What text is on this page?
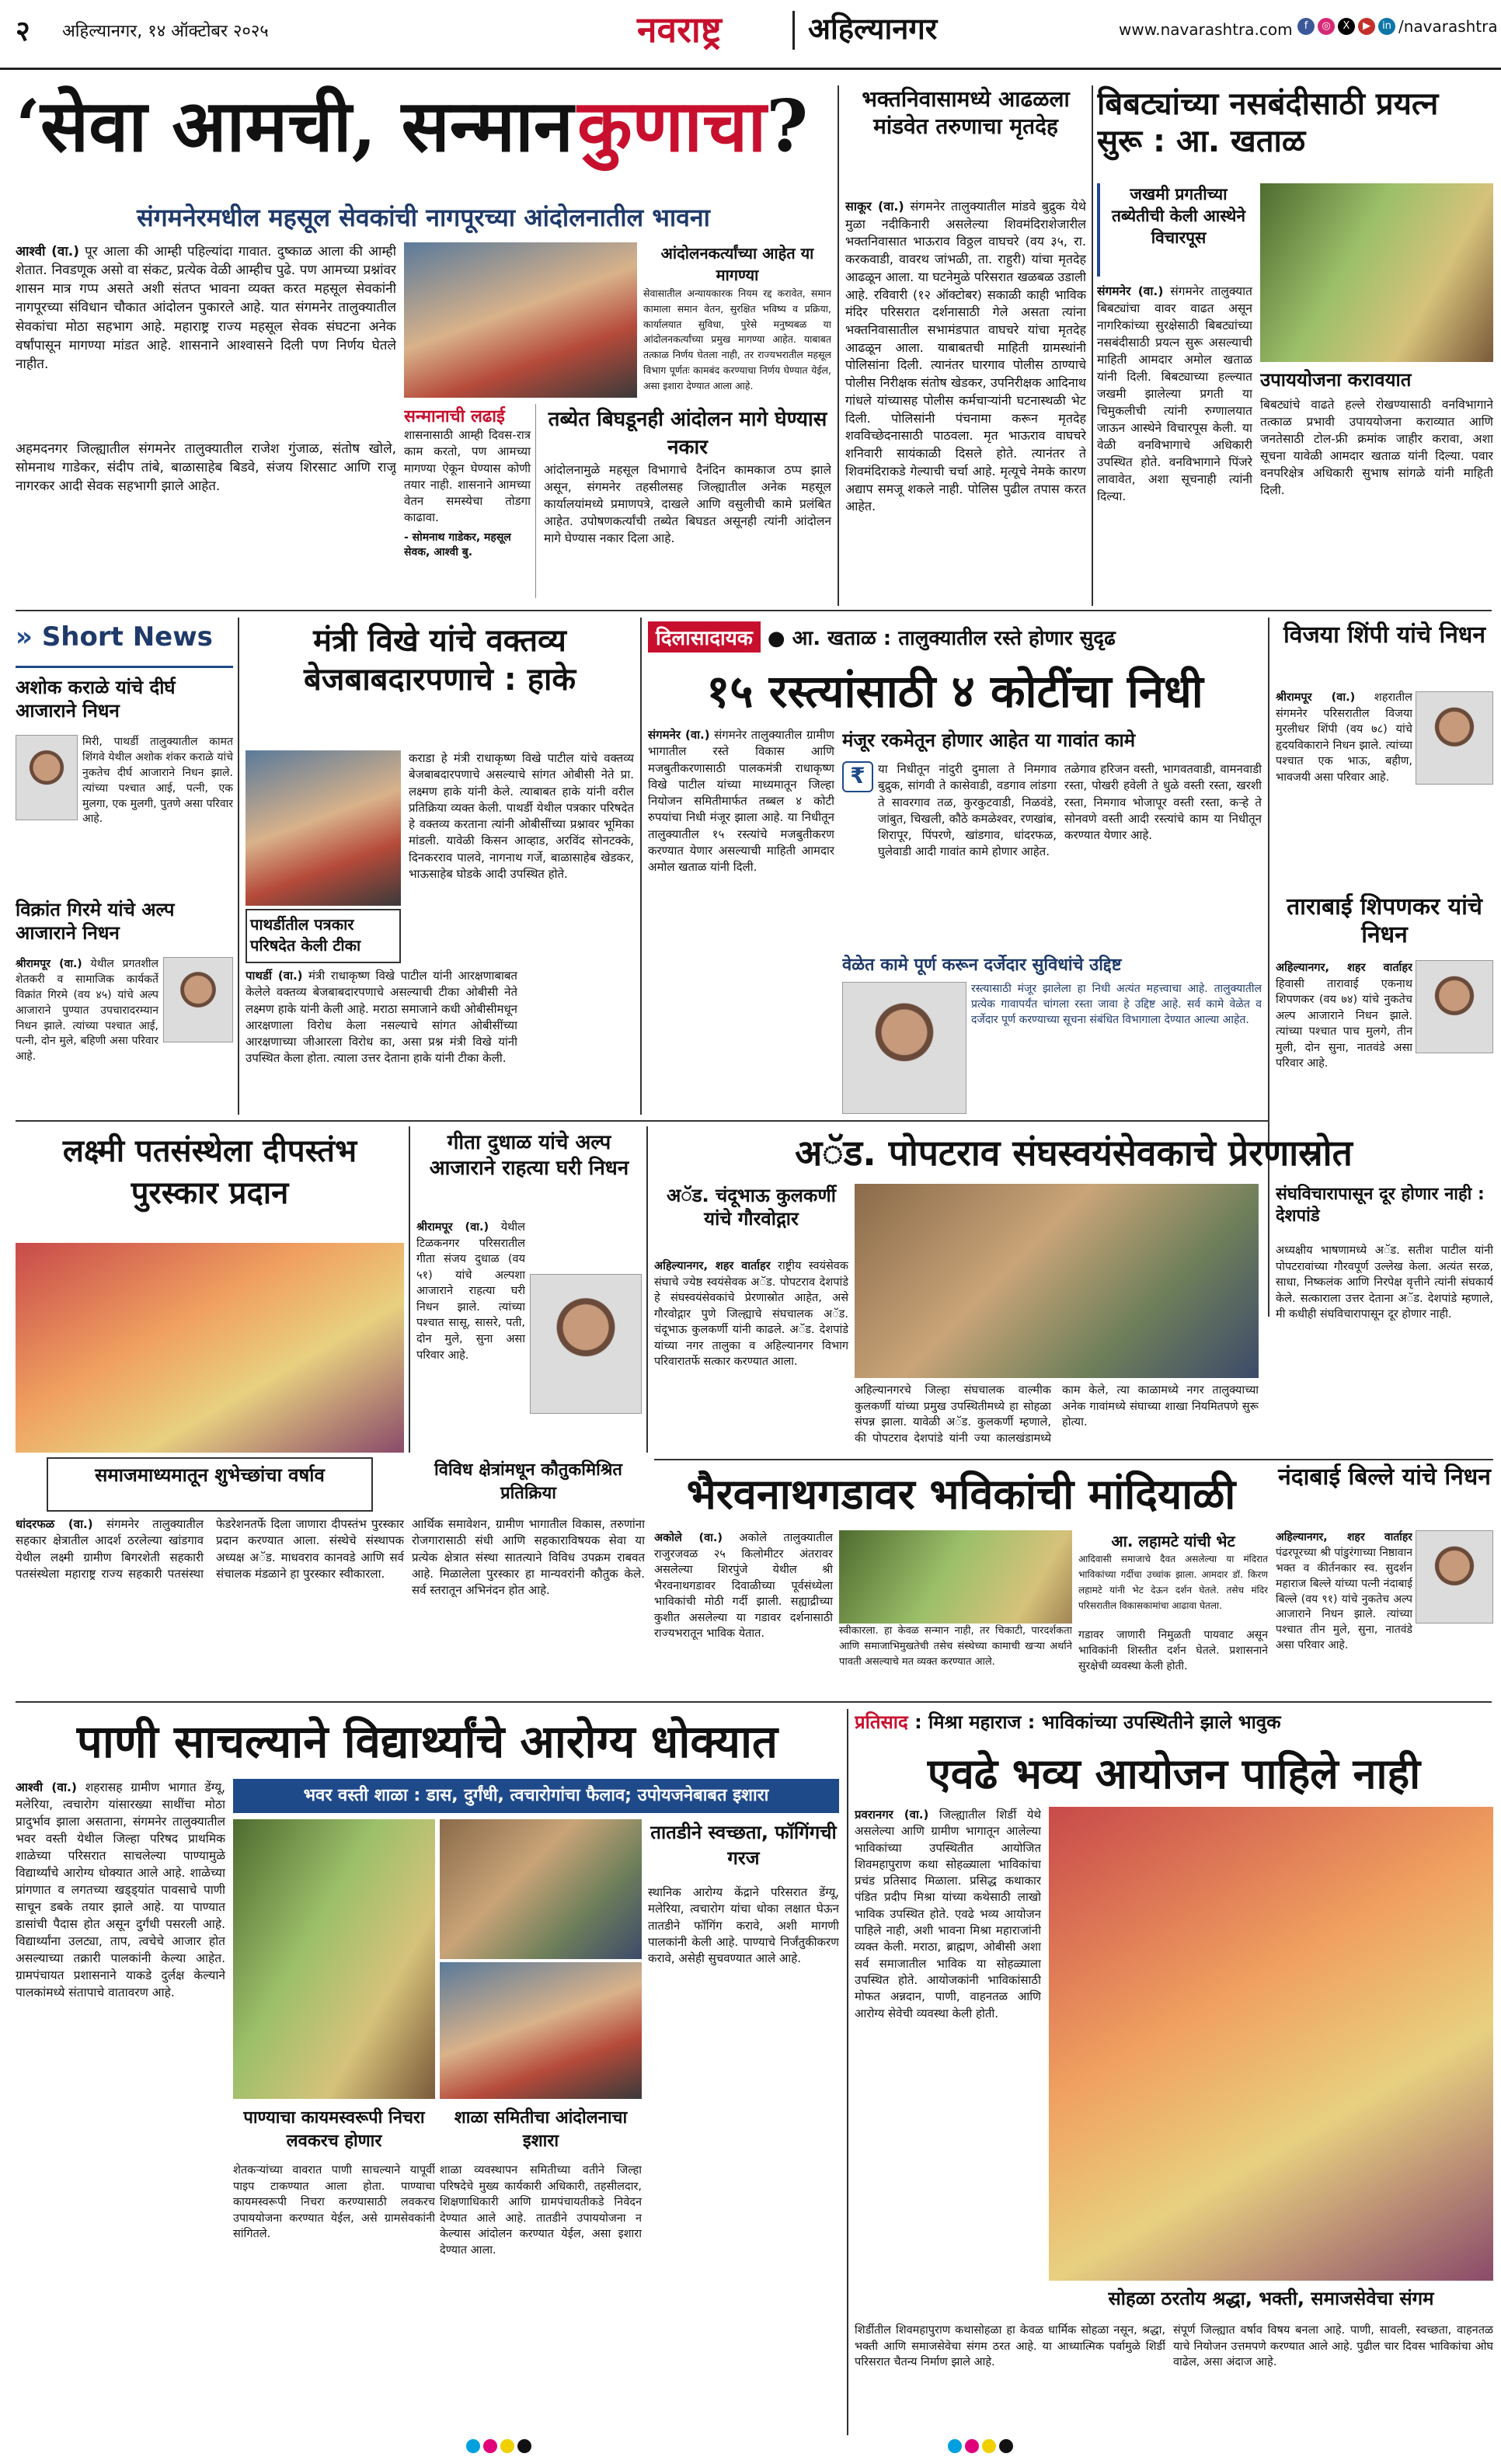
२ अहिल्यानगर, १४ ऑक्टोबर २०२५	नवराष्ट्र	अहिल्यानगर	www.navarashtra.com	f	◎	X	▶	in /navarashtra
‘सेवा आमची, सन्मान कुणाचा?
संगमनेरमधील महसूल सेवकांची नागपूरच्या आंदोलनातील भावना
आश्वी (वा.) पूर आला की आम्ही पहिल्यांदा गावात. दुष्काळ आला की आम्ही शेतात. निवडणूक असो वा संकट, प्रत्येक वेळी आम्हीच पुढे. पण आमच्या प्रश्नांवर शासन मात्र गप्प असते अशी संतप्त भावना व्यक्त करत महसूल सेवकांनी नागपूरच्या संविधान चौकात आंदोलन पुकारले आहे. यात संगमनेर तालुक्यातील सेवकांचा मोठा सहभाग आहे. महाराष्ट्र राज्य महसूल सेवक संघटना अनेक वर्षांपासून मागण्या मांडत आहे. शासनाने आश्वासने दिली पण निर्णय घेतले नाहीत.
अहमदनगर जिल्ह्यातील संगमनेर तालुक्यातील राजेश गुंजाळ, संतोष खोले, सोमनाथ गाडेकर, संदीप तांबे, बाळासाहेब बिडवे, संजय शिरसाट आणि राजू नागरकर आदी सेवक सहभागी झाले आहेत.
सन्मानाची लढाई
शासनासाठी आम्ही दिवस-रात्र काम करतो, पण आमच्या मागण्या ऐकून घेण्यास कोणी तयार नाही. शासनाने आमच्या वेतन समस्येचा तोडगा काढावा.
- सोमनाथ गाडेकर, महसूल सेवक, आश्वी बु.
तब्येत बिघडूनही आंदोलन मागे घेण्यास नकार
आंदोलनामुळे महसूल विभागाचे दैनंदिन कामकाज ठप्प झाले असून, संगमनेर तहसीलसह जिल्ह्यातील अनेक महसूल कार्यालयांमध्ये प्रमाणपत्रे, दाखले आणि वसुलीची कामे प्रलंबित आहेत. उपोषणकर्त्यांची तब्येत बिघडत असूनही त्यांनी आंदोलन मागे घेण्यास नकार दिला आहे.
भक्तनिवासामध्ये आढळला मांडवेत तरुणाचा मृतदेह
साकूर (वा.) संगमनेर तालुक्यातील मांडवे बुद्रुक येथे मुळा नदीकिनारी असलेल्या शिवमंदिराशेजारील भक्तनिवासात भाऊराव विठ्ठल वाघचरे (वय ३५, रा. करकवाडी, वावरथ जांभळी, ता. राहुरी) यांचा मृतदेह आढळून आला. या घटनेमुळे परिसरात खळबळ उडाली आहे. रविवारी (१२ ऑक्टोबर) सकाळी काही भाविक मंदिर परिसरात दर्शनासाठी गेले असता त्यांना भक्तनिवासातील सभामंडपात वाघचरे यांचा मृतदेह आढळून आला. याबाबतची माहिती ग्रामस्थांनी पोलिसांना दिली. त्यानंतर घारगाव पोलीस ठाण्याचे पोलीस निरीक्षक संतोष खेडकर, उपनिरीक्षक आदिनाथ गांधले यांच्यासह पोलीस कर्मचाऱ्यांनी घटनास्थळी भेट दिली. पोलिसांनी पंचनामा करून मृतदेह शवविच्छेदनासाठी पाठवला. मृत भाऊराव वाघचरे शनिवारी सायंकाळी दिसले होते. त्यानंतर ते शिवमंदिराकडे गेल्याची चर्चा आहे. मृत्यूचे नेमके कारण अद्याप समजू शकले नाही. पोलिस पुढील तपास करत आहेत.
बिबट्यांच्या नसबंदीसाठी प्रयत्न सुरू : आ. खताळ
जखमी प्रगतीच्या तब्येतीची केली आस्थेने विचारपूस
संगमनेर (वा.) संगमनेर तालुक्यात बिबट्यांचा वावर वाढत असून नागरिकांच्या सुरक्षेसाठी बिबट्यांच्या नसबंदीसाठी प्रयत्न सुरू असल्याची माहिती आमदार अमोल खताळ यांनी दिली. बिबट्याच्या हल्ल्यात जखमी झालेल्या प्रगती या चिमुकलीची त्यांनी रुग्णालयात जाऊन आस्थेने विचारपूस केली. या वेळी वनविभागाचे अधिकारी उपस्थित होते. वनविभागाने पिंजरे लावावेत, अशा सूचनाही त्यांनी दिल्या.
उपाययोजना करावयात
बिबट्यांचे वाढते हल्ले रोखण्यासाठी वनविभागाने तत्काळ प्रभावी उपाययोजना कराव्यात आणि जनतेसाठी टोल-फ्री क्रमांक जाहीर करावा, अशा सूचना यावेळी आमदार खताळ यांनी दिल्या. पवार वनपरिक्षेत्र अधिकारी सुभाष सांगळे यांनी माहिती दिली.
» Short News
अशोक कराळे यांचे दीर्घ आजाराने निधन
मिरी, पाथर्डी तालुक्यातील कामत शिंगवे येथील अशोक शंकर कराळे यांचे नुकतेच दीर्घ आजाराने निधन झाले. त्यांच्या पश्चात आई, पत्नी, एक मुलगा, एक मुलगी, पुतणे असा परिवार आहे.
विक्रांत गिरमे यांचे अल्प आजाराने निधन
श्रीरामपूर (वा.) येथील प्रगतशील शेतकरी व सामाजिक कार्यकर्ते विक्रांत गिरमे (वय ४५) यांचे अल्प आजाराने पुण्यात उपचारादरम्यान निधन झाले. त्यांच्या पश्चात आई, पत्नी, दोन मुले, बहिणी असा परिवार आहे.
मंत्री विखे यांचे वक्तव्य बेजबाबदारपणाचे : हाके
पाथर्डीतील पत्रकार परिषदेत केली टीका
पाथर्डी (वा.) मंत्री राधाकृष्ण विखे पाटील यांनी आरक्षणाबाबत केलेले वक्तव्य बेजबाबदारपणाचे असल्याची टीका ओबीसी नेते लक्ष्मण हाके यांनी केली आहे. मराठा समाजाने कधी ओबीसीमधून आरक्षणाला विरोध केला नसल्याचे सांगत ओबीसींच्या आरक्षणाच्या जीआरला विरोध का, असा प्रश्न मंत्री विखे यांनी उपस्थित केला होता. त्याला उत्तर देताना हाके यांनी टीका केली.
कराडा हे मंत्री राधाकृष्ण विखे पाटील यांचे वक्तव्य बेजबाबदारपणाचे असल्याचे सांगत ओबीसी नेते प्रा. लक्ष्मण हाके यांनी केले. त्याबाबत हाके यांनी वरील प्रतिक्रिया व्यक्त केली. पाथर्डी येथील पत्रकार परिषदेत हे वक्तव्य करताना त्यांनी ओबीसींच्या प्रश्नावर भूमिका मांडली. यावेळी किसन आव्हाड, अरविंद सोनटक्के, दिनकरराव पालवे, नागनाथ गर्जे, बाळासाहेब खेडकर, भाऊसाहेब घोडके आदी उपस्थित होते.
दिलासादायक ● आ. खताळ : तालुक्यातील रस्ते होणार सुदृढ
१५ रस्त्यांसाठी ४ कोटींचा निधी
संगमनेर (वा.) संगमनेर तालुक्यातील ग्रामीण भागातील रस्ते विकास आणि मजबुतीकरणासाठी पालकमंत्री राधाकृष्ण विखे पाटील यांच्या माध्यमातून जिल्हा नियोजन समितीमार्फत तब्बल ४ कोटी रुपयांचा निधी मंजूर झाला आहे. या निधीतून तालुक्यातील १५ रस्त्यांचे मजबुतीकरण करण्यात येणार असल्याची माहिती आमदार अमोल खताळ यांनी दिली.
मंजूर रकमेतून होणार आहेत या गावांत कामे
₹	या निधीतून नांदुरी दुमाला ते निमगाव बुद्रुक, सांगवी ते कासेवाडी, वडगाव लांडगा ते सावरगाव तळ, कुरकुटवाडी, निळवंडे, जांबुत, चिखली, कौठे कमळेश्वर, रणखांब, शिरापूर, पिंपरणे, खांडगाव, धांदरफळ, घुलेवाडी आदी गावांत कामे होणार आहेत.
तळेगाव हरिजन वस्ती, भागवतवाडी, वामनवाडी रस्ता, पोखरी हवेली ते धुळे वस्ती रस्ता, खरशी रस्ता, निमगाव भोजापूर वस्ती रस्ता, कऱ्हे ते सोनवणे वस्ती आदी रस्त्यांचे काम या निधीतून करण्यात येणार आहे.
वेळेत कामे पूर्ण करून दर्जेदार सुविधांचे उद्दिष्ट
रस्त्यासाठी मंजूर झालेला हा निधी अत्यंत महत्त्वाचा आहे. तालुक्यातील प्रत्येक गावापर्यंत चांगला रस्ता जावा हे उद्दिष्ट आहे. सर्व कामे वेळेत व दर्जेदार पूर्ण करण्याच्या सूचना संबंधित विभागाला देण्यात आल्या आहेत.
विजया शिंपी यांचे निधन
श्रीरामपूर (वा.) शहरातील संगमनेर परिसरातील विजया मुरलीधर शिंपी (वय ७८) यांचे हृदयविकाराने निधन झाले. त्यांच्या पश्चात एक भाऊ, बहीण, भावजयी असा परिवार आहे.
ताराबाई शिपणकर यांचे निधन
अहिल्यानगर, शहर वार्ताहर हिवासी तारावाई एकनाथ शिपणकर (वय ७४) यांचे नुकतेच अल्प आजाराने निधन झाले. त्यांच्या पश्चात पाच मुलगे, तीन मुली, दोन सुना, नातवंडे असा परिवार आहे.
लक्ष्मी पतसंस्थेला दीपस्तंभ पुरस्कार प्रदान
समाजमाध्यमातून शुभेच्छांचा वर्षाव
धांदरफळ (वा.) संगमनेर तालुक्यातील सहकार क्षेत्रातील आदर्श ठरलेल्या खांडगाव येथील लक्ष्मी ग्रामीण बिगरशेती सहकारी पतसंस्थेला महाराष्ट्र राज्य सहकारी पतसंस्था फेडरेशनतर्फे दिला जाणारा दीपस्तंभ पुरस्कार प्रदान करण्यात आला. संस्थेचे संस्थापक अध्यक्ष अॅड. माधवराव कानवडे आणि सर्व संचालक मंडळाने हा पुरस्कार स्वीकारला.
विविध क्षेत्रांमधून कौतुकमिश्रित प्रतिक्रिया
आर्थिक समावेशन, ग्रामीण भागातील विकास, तरुणांना रोजगारासाठी संधी आणि सहकाराविषयक सेवा या प्रत्येक क्षेत्रात संस्था सातत्याने विविध उपक्रम राबवत आहे. मिळालेला पुरस्कार हा मान्यवरांनी कौतुक केले. सर्व स्तरातून अभिनंदन होत आहे.
गीता दुधाळ यांचे अल्प आजाराने राहत्या घरी निधन
श्रीरामपूर (वा.) येथील टिळकनगर परिसरातील गीता संजय दुधाळ (वय ५१) यांचे अल्पशा आजाराने राहत्या घरी निधन झाले. त्यांच्या पश्चात सासू, सासरे, पती, दोन मुले, सुना असा परिवार आहे.
अॅड. पोपटराव संघस्वयंसेवकाचे प्रेरणास्रोत
अॅड. चंदूभाऊ कुलकर्णी यांचे गौरवोद्गार
अहिल्यानगर, शहर वार्ताहर राष्ट्रीय स्वयंसेवक संघाचे ज्येष्ठ स्वयंसेवक अॅड. पोपटराव देशपांडे हे संघस्वयंसेवकांचे प्रेरणास्रोत आहेत, असे गौरवोद्गार पुणे जिल्ह्याचे संघचालक अॅड. चंदूभाऊ कुलकर्णी यांनी काढले. अॅड. देशपांडे यांच्या नगर तालुका व अहिल्यानगर विभाग परिवारातर्फे सत्कार करण्यात आला.
अहिल्यानगरचे जिल्हा संघचालक वाल्मीक कुलकर्णी यांच्या प्रमुख उपस्थितीमध्ये हा सोहळा संपन्न झाला. यावेळी अॅड. कुलकर्णी म्हणाले, की पोपटराव देशपांडे यांनी ज्या कालखंडामध्ये काम केले, त्या काळामध्ये नगर तालुक्याच्या अनेक गावांमध्ये संघाच्या शाखा नियमितपणे सुरू होत्या.
संघविचारापासून दूर होणार नाही : देशपांडे
अध्यक्षीय भाषणामध्ये अॅड. सतीश पाटील यांनी पोपटरावांच्या गौरवपूर्ण उल्लेख केला. अत्यंत सरळ, साधा, निष्कलंक आणि निरपेक्ष वृत्तीने त्यांनी संघकार्य केले. सत्काराला उत्तर देताना अॅड. देशपांडे म्हणाले, मी कधीही संघविचारापासून दूर होणार नाही.
भैरवनाथगडावर भविकांची मांदियाळी
अकोले (वा.) अकोले तालुक्यातील राजुरजवळ २५ किलोमीटर अंतरावर असलेल्या शिरपुंजे येथील श्री भैरवनाथगडावर दिवाळीच्या पूर्वसंध्येला भाविकांची मोठी गर्दी झाली. सह्याद्रीच्या कुशीत असलेल्या या गडावर दर्शनासाठी राज्यभरातून भाविक येतात.	गडावर जाणारी निमुळती पायवाट असून भाविकांनी शिस्तीत दर्शन घेतले. प्रशासनाने सुरक्षेची व्यवस्था केली होती.
नंदाबाई बिल्ले यांचे निधन
अहिल्यानगर, शहर वार्ताहर पंढरपूरच्या श्री पांडुरंगाच्या निष्ठावान भक्त व कीर्तनकार स्व. सुदर्शन महाराज बिल्ले यांच्या पत्नी नंदाबाई बिल्ले (वय ९१) यांचे नुकतेच अल्प आजाराने निधन झाले. त्यांच्या पश्चात तीन मुले, सुना, नातवंडे असा परिवार आहे.
पाणी साचल्याने विद्यार्थ्यांचे आरोग्य धोक्यात
भवर वस्ती शाळा : डास, दुर्गंधी, त्वचारोगांचा फैलाव; उपोयजनेबाबत इशारा
आश्वी (वा.) शहरासह ग्रामीण भागात डेंग्यू, मलेरिया, त्वचारोग यांसारख्या साथींचा मोठा प्रादुर्भाव झाला असताना, संगमनेर तालुक्यातील भवर वस्ती येथील जिल्हा परिषद प्राथमिक शाळेच्या परिसरात साचलेल्या पाण्यामुळे विद्यार्थ्यांचे आरोग्य धोक्यात आले आहे. शाळेच्या प्रांगणात व लगतच्या खड्ड्यांत पावसाचे पाणी साचून डबके तयार झाले आहे. या पाण्यात डासांची पैदास होत असून दुर्गंधी पसरली आहे. विद्यार्थ्यांना उलट्या, ताप, त्वचेचे आजार होत असल्याच्या तक्रारी पालकांनी केल्या आहेत. ग्रामपंचायत प्रशासनाने याकडे दुर्लक्ष केल्याने पालकांमध्ये संतापाचे वातावरण आहे.
पाण्याचा कायमस्वरूपी निचरा लवकरच होणार
शेतकऱ्यांच्या वावरात पाणी साचल्याने यापूर्वी पाइप टाकण्यात आला होता. पाण्याचा कायमस्वरूपी निचरा करण्यासाठी लवकरच उपाययोजना करण्यात येईल, असे ग्रामसेवकांनी सांगितले.
शाळा समितीचा आंदोलनाचा इशारा
शाळा व्यवस्थापन समितीच्या वतीने जिल्हा परिषदेचे मुख्य कार्यकारी अधिकारी, तहसीलदार, शिक्षणाधिकारी आणि ग्रामपंचायतीकडे निवेदन देण्यात आले आहे. तातडीने उपाययोजना न केल्यास आंदोलन करण्यात येईल, असा इशारा देण्यात आला.
तातडीने स्वच्छता, फॉगिंगची गरज
स्थानिक आरोग्य केंद्राने परिसरात डेंग्यू, मलेरिया, त्वचारोग यांचा धोका लक्षात घेऊन तातडीने फॉगिंग करावे, अशी मागणी पालकांनी केली आहे. पाण्याचे निर्जंतुकीकरण करावे, असेही सुचवण्यात आले आहे.
प्रतिसाद : मिश्रा महाराज : भाविकांच्या उपस्थितीने झाले भावुक
एवढे भव्य आयोजन पाहिले नाही
प्रवरानगर (वा.) जिल्ह्यातील शिर्डी येथे असलेल्या आणि ग्रामीण भागातून आलेल्या भाविकांच्या उपस्थितीत आयोजित शिवमहापुराण कथा सोहळ्याला भाविकांचा प्रचंड प्रतिसाद मिळाला. प्रसिद्ध कथाकार पंडित प्रदीप मिश्रा यांच्या कथेसाठी लाखो भाविक उपस्थित होते. एवढे भव्य आयोजन पाहिले नाही, अशी भावना मिश्रा महाराजांनी व्यक्त केली. मराठा, ब्राह्मण, ओबीसी अशा सर्व समाजातील भाविक या सोहळ्याला उपस्थित होते. आयोजकांनी भाविकांसाठी मोफत अन्नदान, पाणी, वाहनतळ आणि आरोग्य सेवेची व्यवस्था केली होती.
सोहळा ठरतोय श्रद्धा, भक्ती, समाजसेवेचा संगम
शिर्डीतील शिवमहापुराण कथासोहळा हा केवळ धार्मिक सोहळा नसून, श्रद्धा, भक्ती आणि समाजसेवेचा संगम ठरत आहे. या आध्यात्मिक पर्वामुळे शिर्डी परिसरात चैतन्य निर्माण झाले आहे.
संपूर्ण जिल्ह्यात वर्षाव विषय बनला आहे. पाणी, सावली, स्वच्छता, वाहनतळ याचे नियोजन उत्तमपणे करण्यात आले आहे. पुढील चार दिवस भाविकांचा ओघ वाढेल, असा अंदाज आहे.
आंदोलनकर्त्यांच्या आहेत या मागण्या
सेवासातील अन्यायकारक नियम रद्द करावेत, समान कामाला समान वेतन, सुरक्षित भविष्य व प्रक्रिया, कार्यालयात सुविधा, पुरेसे मनुष्यबळ या आंदोलनकर्त्यांच्या प्रमुख मागण्या आहेत. याबाबत तत्काळ निर्णय घेतला नाही, तर राज्यभरातील महसूल विभाग पूर्णतः कामबंद करण्याचा निर्णय घेण्यात येईल, असा इशारा देण्यात आला आहे.
स्वीकारला. हा केवळ सन्मान नाही, तर चिकाटी, पारदर्शकता आणि समाजाभिमुखतेची तसेच संस्थेच्या कामाची खऱ्या अर्थाने पावती असल्याचे मत व्यक्त करण्यात आले.
आ. लहामटे यांची भेट
आदिवासी समाजाचे दैवत असलेल्या या मंदिरात भाविकांच्या गर्दीचा उच्चांक झाला. आमदार डॉ. किरण लहामटे यांनी भेट देऊन दर्शन घेतले. तसेच मंदिर परिसरातील विकासकामांचा आढावा घेतला.
